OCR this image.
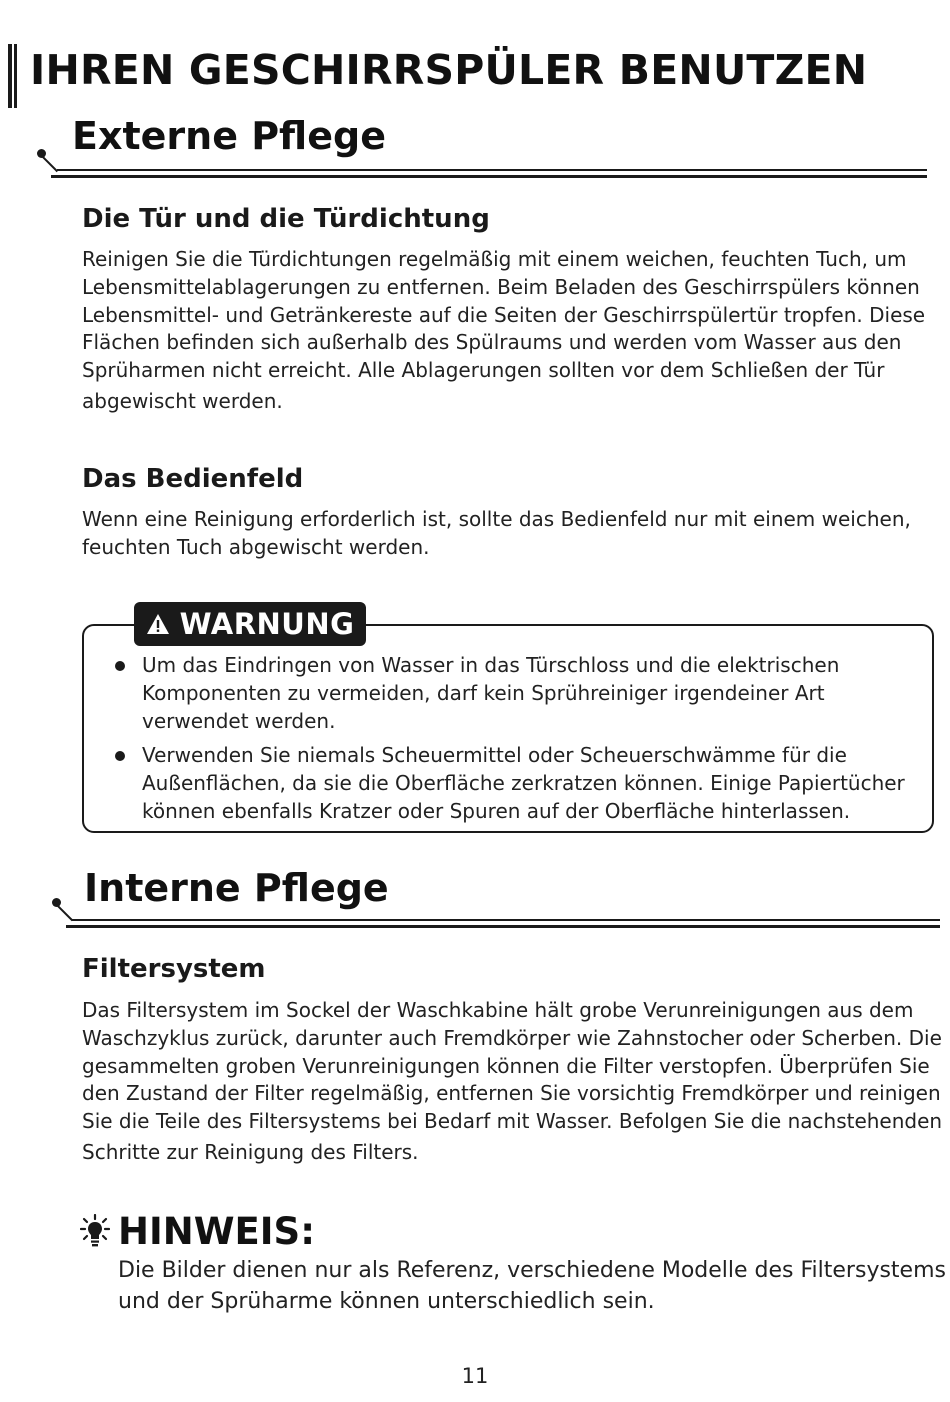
IHREN GESCHIRRSPÜLER BENUTZEN
Externe Pflege
Die Tür und die Türdichtung
Reinigen Sie die Türdichtungen regelmäßig mit einem weichen, feuchten Tuch, um
Lebensmittelablagerungen zu entfernen. Beim Beladen des Geschirrspülers können
Lebensmittel- und Getränkereste auf die Seiten der Geschirrspülertür tropfen. Diese
Flächen befinden sich außerhalb des Spülraums und werden vom Wasser aus den
Sprüharmen nicht erreicht. Alle Ablagerungen sollten vor dem Schließen der Tür
abgewischt werden.
Das Bedienfeld
Wenn eine Reinigung erforderlich ist, sollte das Bedienfeld nur mit einem weichen,
feuchten Tuch abgewischt werden.
WARNUNG
Um das Eindringen von Wasser in das Türschloss und die elektrischen
Komponenten zu vermeiden, darf kein Sprühreiniger irgendeiner Art
verwendet werden.
Verwenden Sie niemals Scheuermittel oder Scheuerschwämme für die
Außenflächen, da sie die Oberfläche zerkratzen können. Einige Papiertücher
können ebenfalls Kratzer oder Spuren auf der Oberfläche hinterlassen.
Interne Pflege
Filtersystem
Das Filtersystem im Sockel der Waschkabine hält grobe Verunreinigungen aus dem
Waschzyklus zurück, darunter auch Fremdkörper wie Zahnstocher oder Scherben. Die
gesammelten groben Verunreinigungen können die Filter verstopfen. Überprüfen Sie
den Zustand der Filter regelmäßig, entfernen Sie vorsichtig Fremdkörper und reinigen
Sie die Teile des Filtersystems bei Bedarf mit Wasser. Befolgen Sie die nachstehenden
Schritte zur Reinigung des Filters.
HINWEIS:
Die Bilder dienen nur als Referenz, verschiedene Modelle des Filtersystems
und der Sprüharme können unterschiedlich sein.
11
